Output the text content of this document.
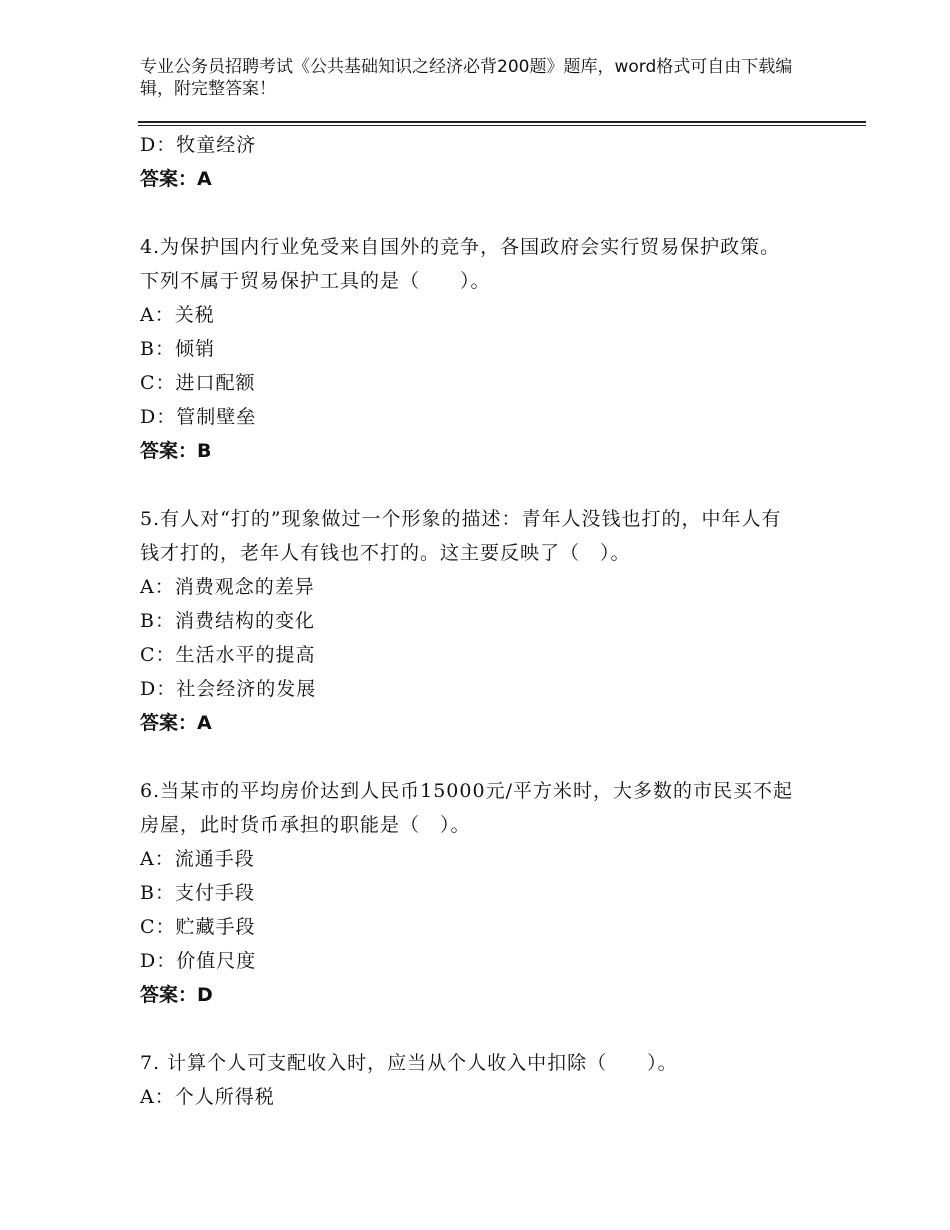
专业公务员招聘考试《公共基础知识之经济必背200题》题库，word格式可自由下载编辑，附完整答案！
D：牧童经济
答案：A
4.为保护国内行业免受来自国外的竞争，各国政府会实行贸易保护政策。下列不属于贸易保护工具的是（　　）。
A：关税
B：倾销
C：进口配额
D：管制壁垒
答案：B
5.有人对“打的”现象做过一个形象的描述：青年人没钱也打的，中年人有钱才打的，老年人有钱也不打的。这主要反映了（　）。
A：消费观念的差异
B：消费结构的变化
C：生活水平的提高
D：社会经济的发展
答案：A
6.当某市的平均房价达到人民币15000元/平方米时，大多数的市民买不起房屋，此时货币承担的职能是（　）。
A：流通手段
B：支付手段
C：贮藏手段
D：价值尺度
答案：D
7. 计算个人可支配收入时，应当从个人收入中扣除（　　）。
A：个人所得税
